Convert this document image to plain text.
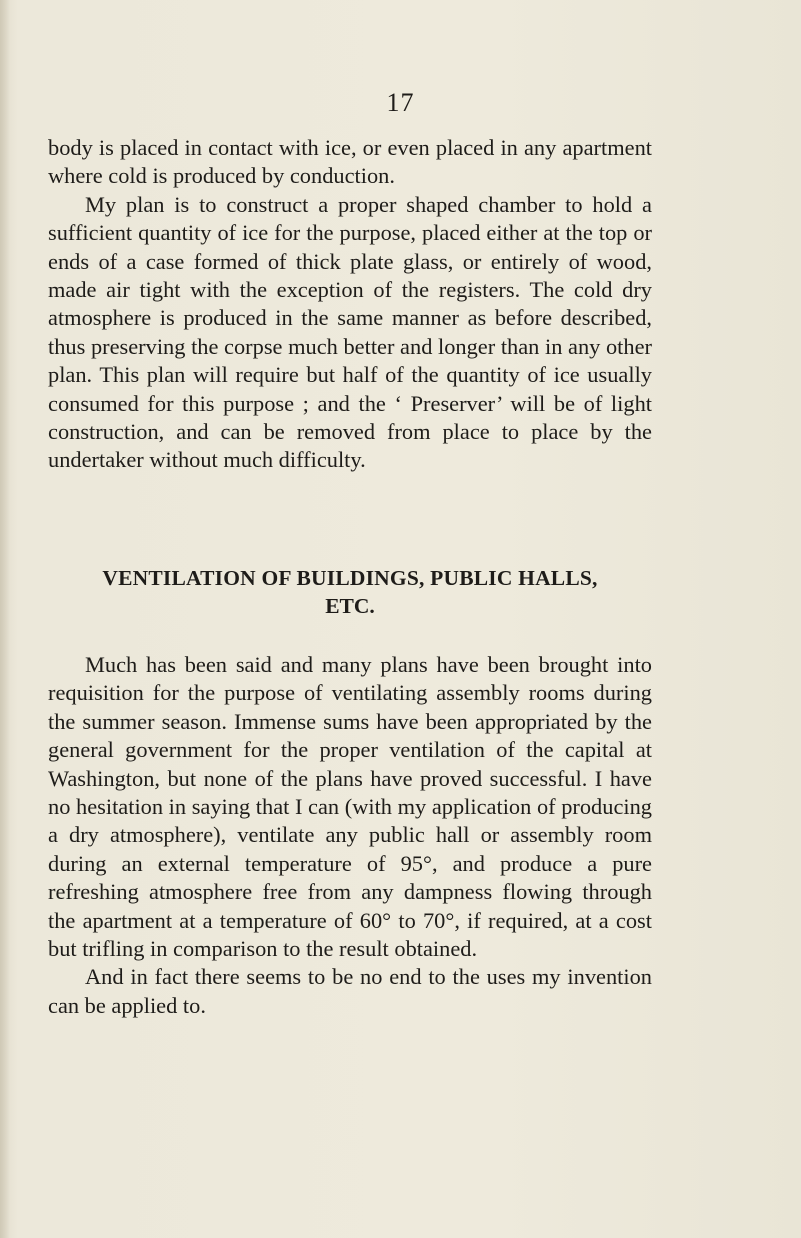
17

body is placed in contact with ice, or even placed in any apartment where cold is produced by conduction.

My plan is to construct a proper shaped chamber to hold a sufficient quantity of ice for the purpose, placed either at the top or ends of a case formed of thick plate glass, or entirely of wood, made air tight with the exception of the registers. The cold dry atmosphere is produced in the same manner as before described, thus preserving the corpse much better and longer than in any other plan. This plan will require but half of the quantity of ice usually consumed for this purpose ; and the ‘ Preserver’ will be of light construction, and can be removed from place to place by the undertaker without much difficulty.

VENTILATION OF BUILDINGS, PUBLIC HALLS,
ETC.

Much has been said and many plans have been brought into requisition for the purpose of ventilating assembly rooms during the summer season. Immense sums have been appropriated by the general government for the proper ventilation of the capital at Washington, but none of the plans have proved successful. I have no hesitation in saying that I can (with my application of producing a dry atmosphere), ventilate any public hall or assembly room during an external temperature of 95°, and produce a pure refreshing atmosphere free from any dampness flowing through the apartment at a temperature of 60° to 70°, if required, at a cost but trifling in comparison to the result obtained.

And in fact there seems to be no end to the uses my invention can be applied to.
